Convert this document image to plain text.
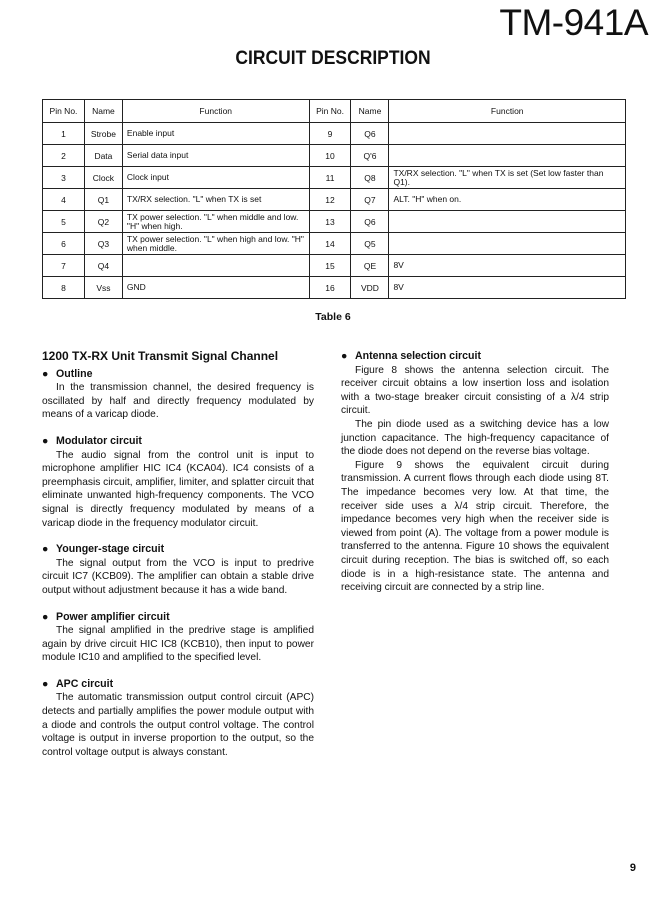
TM-941A
CIRCUIT DESCRIPTION
Pin No.	Name	Function	Pin No.	Name	Function
1	Strobe	Enable input	9	Q6	
2	Data	Serial data input	10	Q'6	
3	Clock	Clock input	11	Q8	TX/RX selection. "L" when TX is set (Set low faster than Q1).
4	Q1	TX/RX selection. "L" when TX is set	12	Q7	ALT. "H" when on.
5	Q2	TX power selection. "L" when middle and low. "H" when high.	13	Q6	
6	Q3	TX power selection. "L" when high and low. "H" when middle.	14	Q5	
7	Q4		15	QE	8V
8	Vss	GND	16	VDD	8V
Table 6
1200 TX-RX Unit Transmit Signal Channel
● Outline

In the transmission channel, the desired frequency is oscillated by half and directly frequency modulated by means of a varicap diode.

● Modulator circuit

The audio signal from the control unit is input to microphone amplifier HIC IC4 (KCA04). IC4 consists of a preemphasis circuit, amplifier, limiter, and splatter circuit that eliminate unwanted high-frequency components. The VCO signal is directly frequency modulated by means of a varicap diode in the frequency modulator circuit.

● Younger-stage circuit

The signal output from the VCO is input to predrive circuit IC7 (KCB09). The amplifier can obtain a stable drive output without adjustment because it has a wide band.

● Power amplifier circuit

The signal amplified in the predrive stage is amplified again by drive circuit HIC IC8 (KCB10), then input to power module IC10 and amplified to the specified level.

● APC circuit

The automatic transmission output control circuit (APC) detects and partially amplifies the power module output with a diode and controls the output control voltage. The control voltage is output in inverse proportion to the output, so the control voltage output is always constant.

● Antenna selection circuit

Figure 8 shows the antenna selection circuit. The receiver circuit obtains a low insertion loss and isolation with a two-stage breaker circuit consisting of a λ/4 strip circuit.

The pin diode used as a switching device has a low junction capacitance. The high-frequency capacitance of the diode does not depend on the reverse bias voltage.

Figure 9 shows the equivalent circuit during transmission. A current flows through each diode using 8T. The impedance becomes very low. At that time, the receiver side uses a λ/4 strip circuit. Therefore, the impedance becomes very high when the receiver side is viewed from point (A). The voltage from a power module is transferred to the antenna. Figure 10 shows the equivalent circuit during reception. The bias is switched off, so each diode is in a high-resistance state. The antenna and receiving circuit are connected by a strip line.

9
